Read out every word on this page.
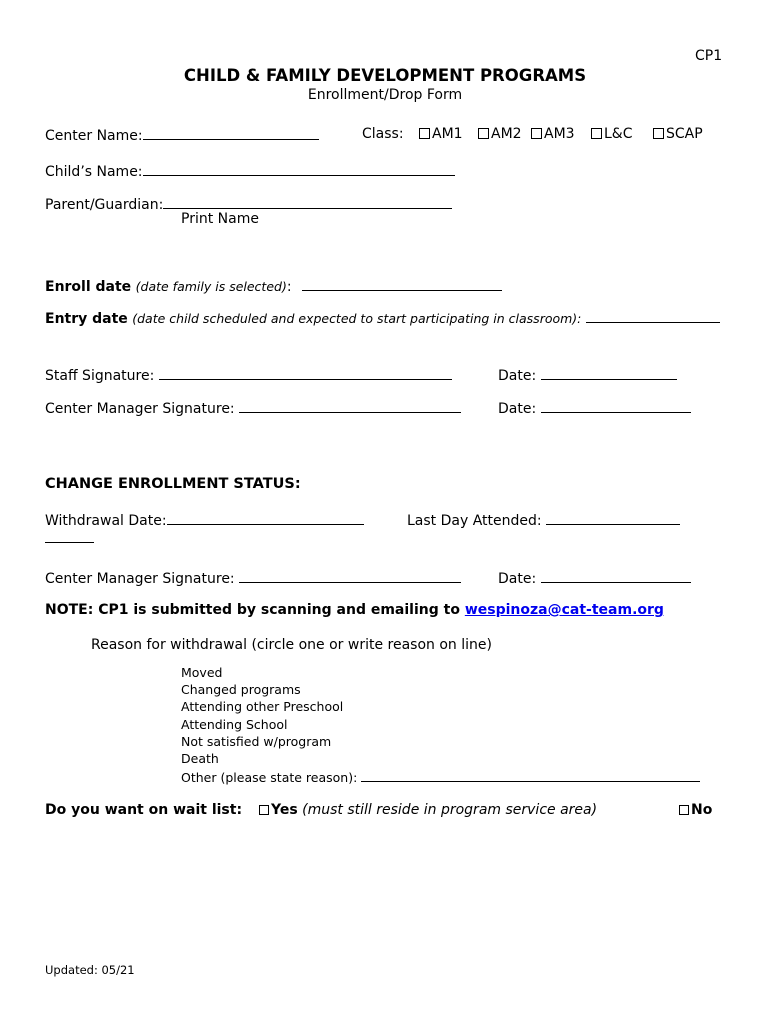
CP1
CHILD & FAMILY DEVELOPMENT PROGRAMS
Enrollment/Drop Form
Center Name:	Class:	AM1	AM2	AM3	L&C	SCAP
Child’s Name:
Parent/Guardian:
Print Name
Enroll date (date family is selected):
Entry date (date child scheduled and expected to start participating in classroom):
Staff Signature:	Date:
Center Manager Signature:	Date:
CHANGE ENROLLMENT STATUS:
Withdrawal Date:	Last Day Attended:
Center Manager Signature:	Date:
NOTE: CP1 is submitted by scanning and emailing to wespinoza@cat-team.org
Reason for withdrawal (circle one or write reason on line)
Moved
Changed programs
Attending other Preschool
Attending School
Not satisfied w/program
Death
Other (please state reason):
Do you want on wait list:	Yes (must still reside in program service area)	No
Updated: 05/21
